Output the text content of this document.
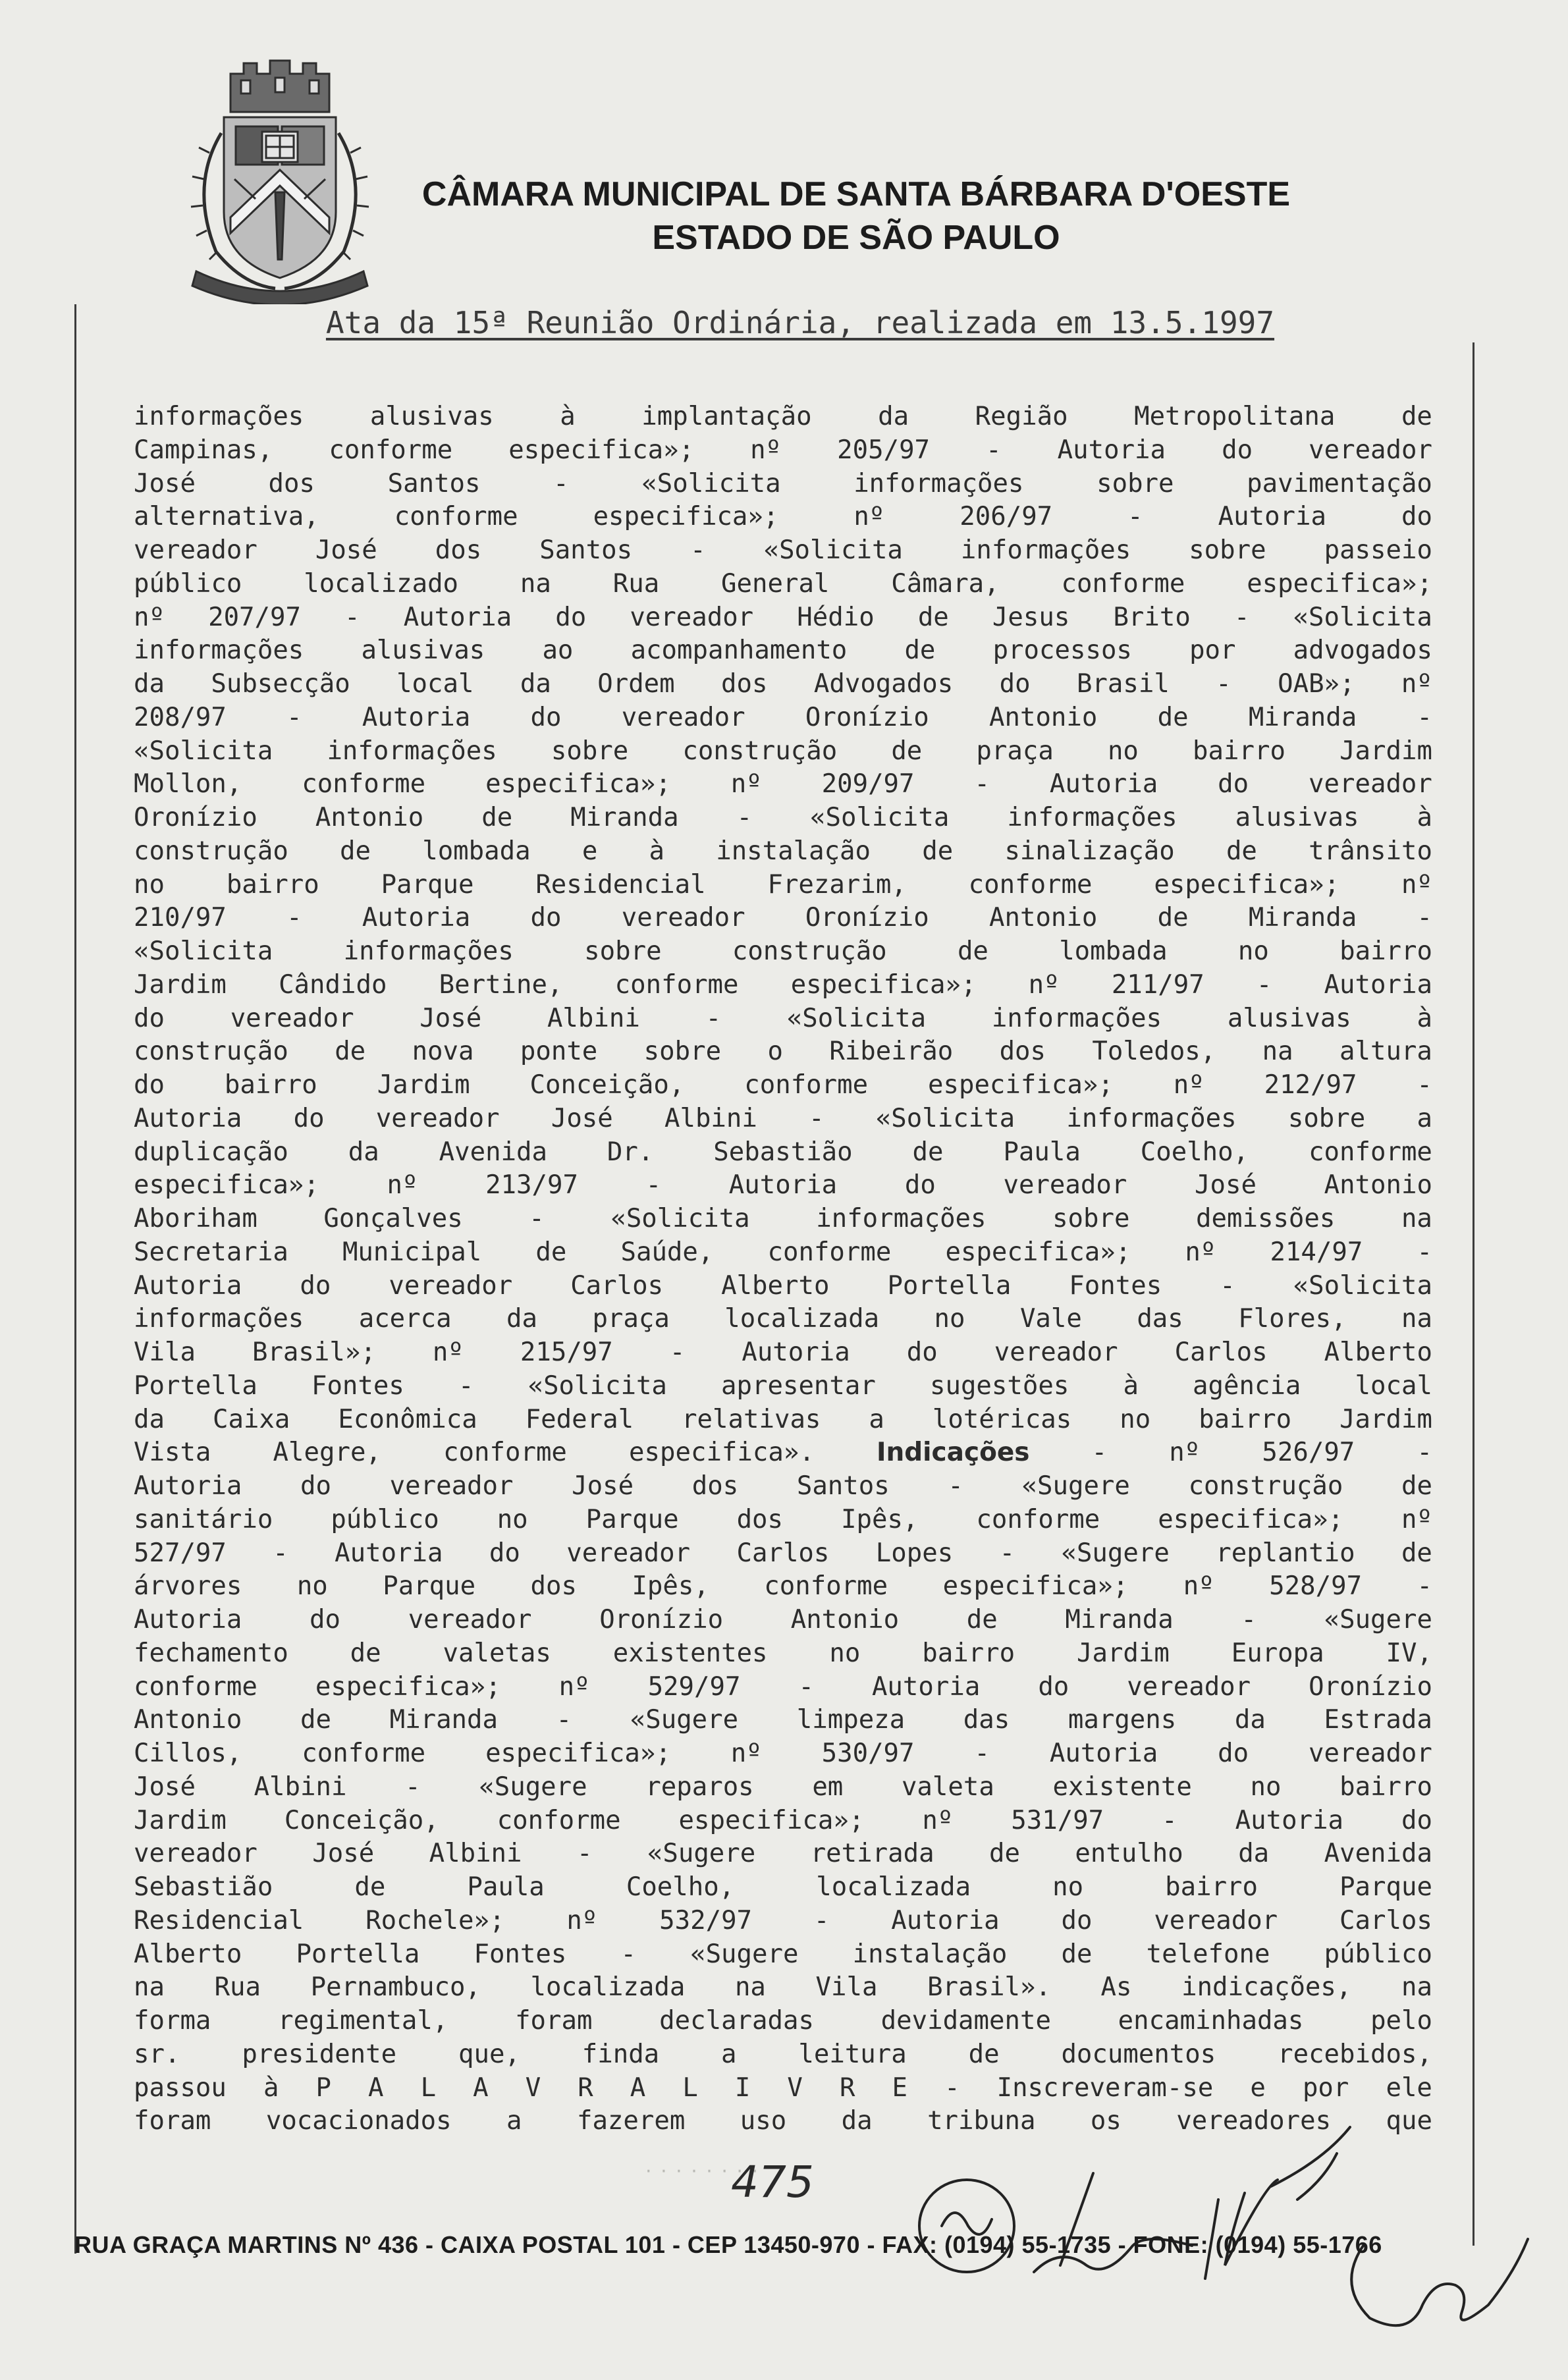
CÂMARA MUNICIPAL DE SANTA BÁRBARA D'OESTE
ESTADO DE SÃO PAULO
Ata da 15ª Reunião Ordinária, realizada em 13.5.1997
informações	alusivas	à	implantação	da	Região	Metropolitana	de
Campinas, conforme especifica»; nº 205/97 - Autoria do vereador
José	dos	Santos	-	«Solicita	informações	sobre	pavimentação
alternativa,	conforme	especifica»;	nº	206/97	-	Autoria	do
vereador José dos Santos - «Solicita informações sobre passeio
público localizado na Rua General Câmara, conforme especifica»;
nº 207/97 - Autoria do vereador Hédio de Jesus Brito - «Solicita
informações alusivas ao acompanhamento de processos por advogados
da Subsecção local da Ordem dos Advogados do Brasil - OAB»; nº
208/97 - Autoria do vereador Oronízio Antonio de Miranda -
«Solicita informações sobre construção de praça no bairro Jardim
Mollon, conforme especifica»; nº 209/97 - Autoria do vereador
Oronízio Antonio de Miranda - «Solicita informações alusivas à
construção de lombada e à instalação de sinalização de trânsito
no bairro Parque Residencial Frezarim, conforme especifica»; nº
210/97 - Autoria do vereador Oronízio Antonio de Miranda -
«Solicita	informações	sobre	construção	de	lombada	no	bairro
Jardim Cândido Bertine, conforme especifica»; nº 211/97 - Autoria
do	vereador	José	Albini	-	«Solicita	informações	alusivas	à
construção de nova ponte sobre o Ribeirão dos Toledos, na altura
do bairro Jardim Conceição, conforme especifica»; nº 212/97 -
Autoria do vereador José Albini - «Solicita informações sobre a
duplicação da Avenida Dr. Sebastião de Paula Coelho, conforme
especifica»;	nº	213/97	-	Autoria	do	vereador	José	Antonio
Aboriham	Gonçalves	-	«Solicita	informações	sobre	demissões	na
Secretaria Municipal de Saúde, conforme especifica»; nº 214/97 -
Autoria do vereador Carlos Alberto Portella Fontes - «Solicita
informações acerca da praça localizada no Vale das Flores, na
Vila Brasil»; nº 215/97 - Autoria do vereador Carlos Alberto
Portella Fontes - «Solicita apresentar sugestões à agência local
da Caixa Econômica Federal relativas a lotéricas no bairro Jardim
Vista Alegre, conforme especifica». Indicações - nº 526/97 -
Autoria do vereador José dos Santos - «Sugere construção de
sanitário público no Parque dos Ipês, conforme especifica»; nº
527/97 - Autoria do vereador Carlos Lopes - «Sugere replantio de
árvores no Parque dos Ipês, conforme especifica»; nº 528/97 -
Autoria	do	vereador	Oronízio	Antonio	de	Miranda	-	«Sugere
fechamento de valetas existentes no bairro Jardim Europa IV,
conforme especifica»; nº 529/97 - Autoria do vereador Oronízio
Antonio de Miranda - «Sugere limpeza das margens da Estrada
Cillos, conforme especifica»; nº 530/97 - Autoria do vereador
José Albini - «Sugere reparos em valeta existente no bairro
Jardim Conceição, conforme especifica»; nº 531/97 - Autoria do
vereador José Albini - «Sugere retirada de entulho da Avenida
Sebastião	de	Paula	Coelho,	localizada	no	bairro	Parque
Residencial Rochele»; nº 532/97 - Autoria do vereador Carlos
Alberto Portella Fontes - «Sugere instalação de telefone público
na Rua Pernambuco, localizada na Vila Brasil». As indicações, na
forma	regimental,	foram	declaradas	devidamente	encaminhadas	pelo
sr. presidente que, finda a leitura de documentos recebidos,
passou à P A L A V R A L I V R E - Inscreveram-se e por ele
foram vocacionados a fazerem uso da tribuna os vereadores que
· · · · · · · ·
475
RUA GRAÇA MARTINS Nº 436 - CAIXA POSTAL 101 - CEP 13450-970 - FAX: (0194) 55-1735 - FONE: (0194) 55-1766
